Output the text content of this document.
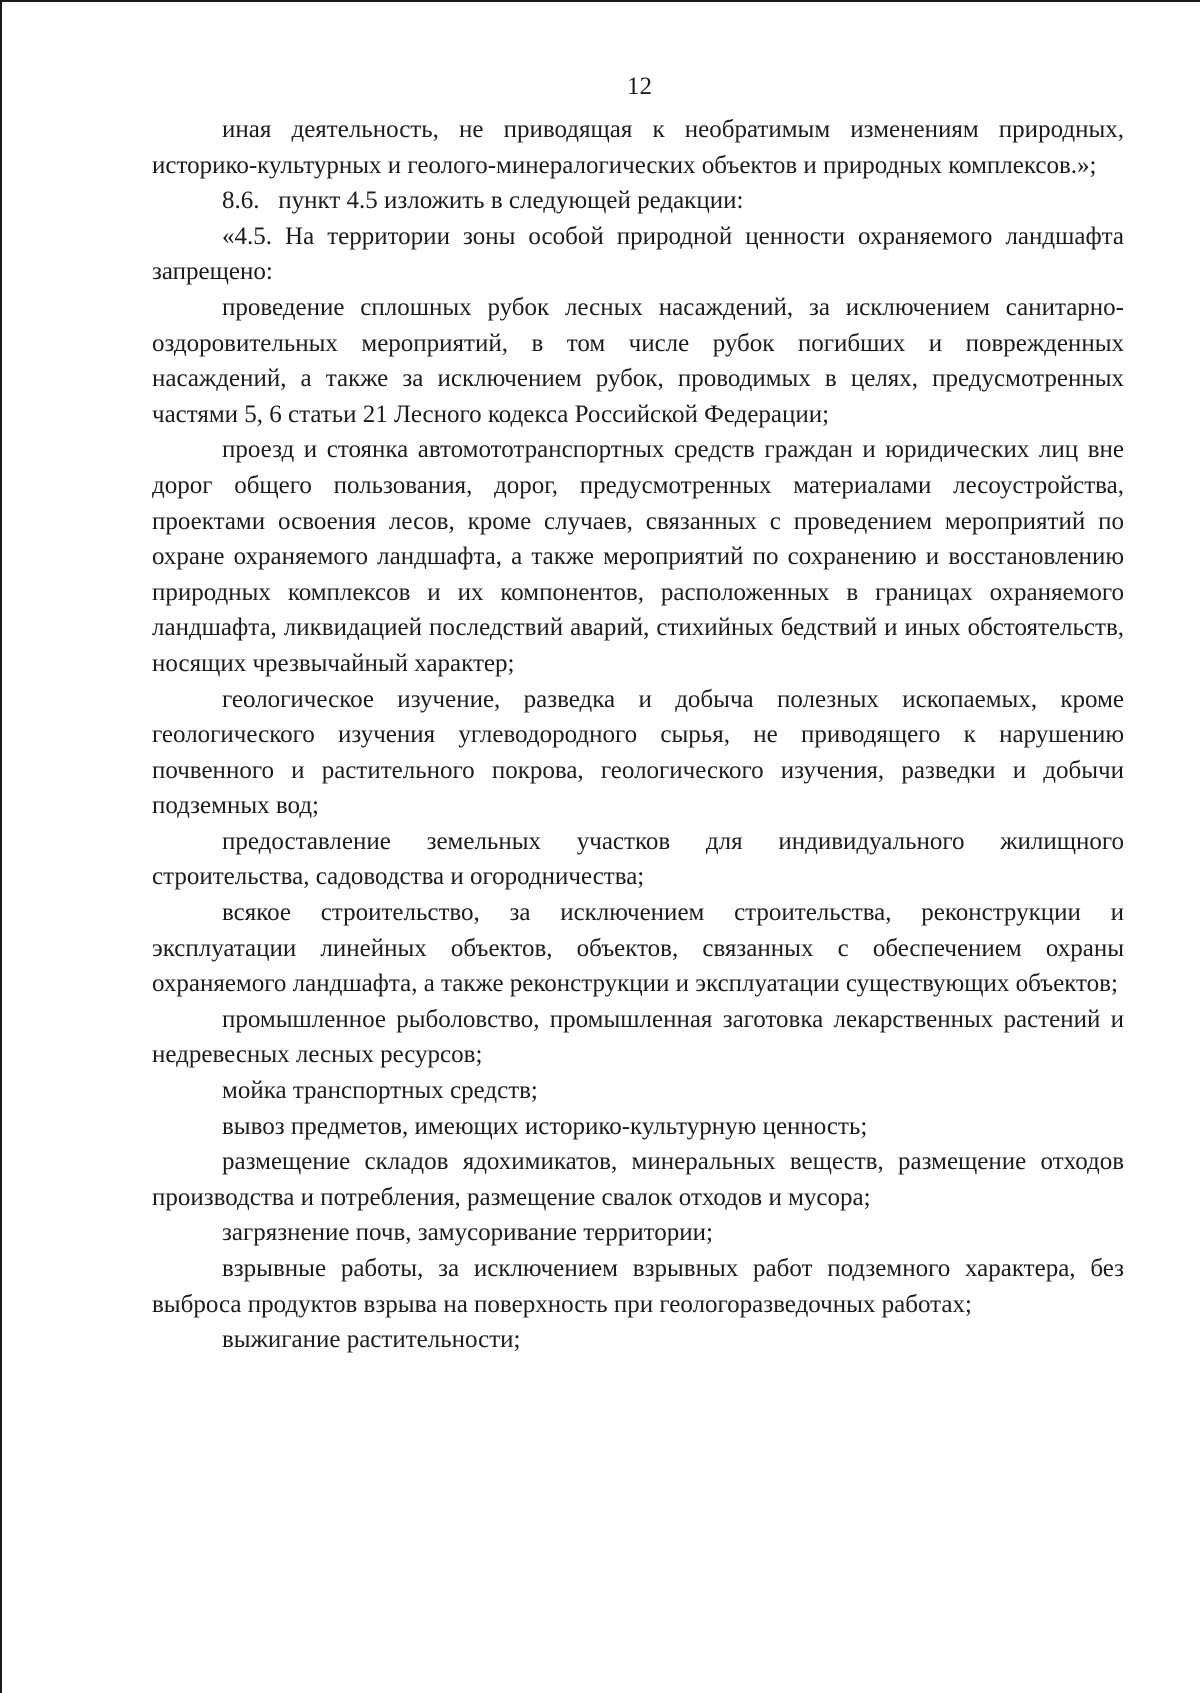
12

иная деятельность, не приводящая к необратимым изменениям природных, историко-культурных и геолого-минералогических объектов и природных комплексов.»;

8.6.   пункт 4.5 изложить в следующей редакции:

«4.5. На территории зоны особой природной ценности охраняемого ландшафта запрещено:

проведение сплошных рубок лесных насаждений, за исключением санитарно-оздоровительных мероприятий, в том числе рубок погибших и поврежденных насаждений, а также за исключением рубок, проводимых в целях, предусмотренных частями 5, 6 статьи 21 Лесного кодекса Российской Федерации;

проезд и стоянка автомототранспортных средств граждан и юридических лиц вне дорог общего пользования, дорог, предусмотренных материалами лесоустройства, проектами освоения лесов, кроме случаев, связанных с проведением мероприятий по охране охраняемого ландшафта, а также мероприятий по сохранению и восстановлению природных комплексов и их компонентов, расположенных в границах охраняемого ландшафта, ликвидацией последствий аварий, стихийных бедствий и иных обстоятельств, носящих чрезвычайный характер;

геологическое изучение, разведка и добыча полезных ископаемых, кроме геологического изучения углеводородного сырья, не приводящего к нарушению почвенного и растительного покрова, геологического изучения, разведки и добычи подземных вод;

предоставление земельных участков для индивидуального жилищного строительства, садоводства и огородничества;

всякое строительство, за исключением строительства, реконструкции и эксплуатации линейных объектов, объектов, связанных с обеспечением охраны охраняемого ландшафта, а также реконструкции и эксплуатации существующих объектов;

промышленное рыболовство, промышленная заготовка лекарственных растений и недревесных лесных ресурсов;

мойка транспортных средств;

вывоз предметов, имеющих историко-культурную ценность;

размещение складов ядохимикатов, минеральных веществ, размещение отходов производства и потребления, размещение свалок отходов и мусора;

загрязнение почв, замусоривание территории;

взрывные работы, за исключением взрывных работ подземного характера, без выброса продуктов взрыва на поверхность при геологоразведочных работах;

выжигание растительности;
